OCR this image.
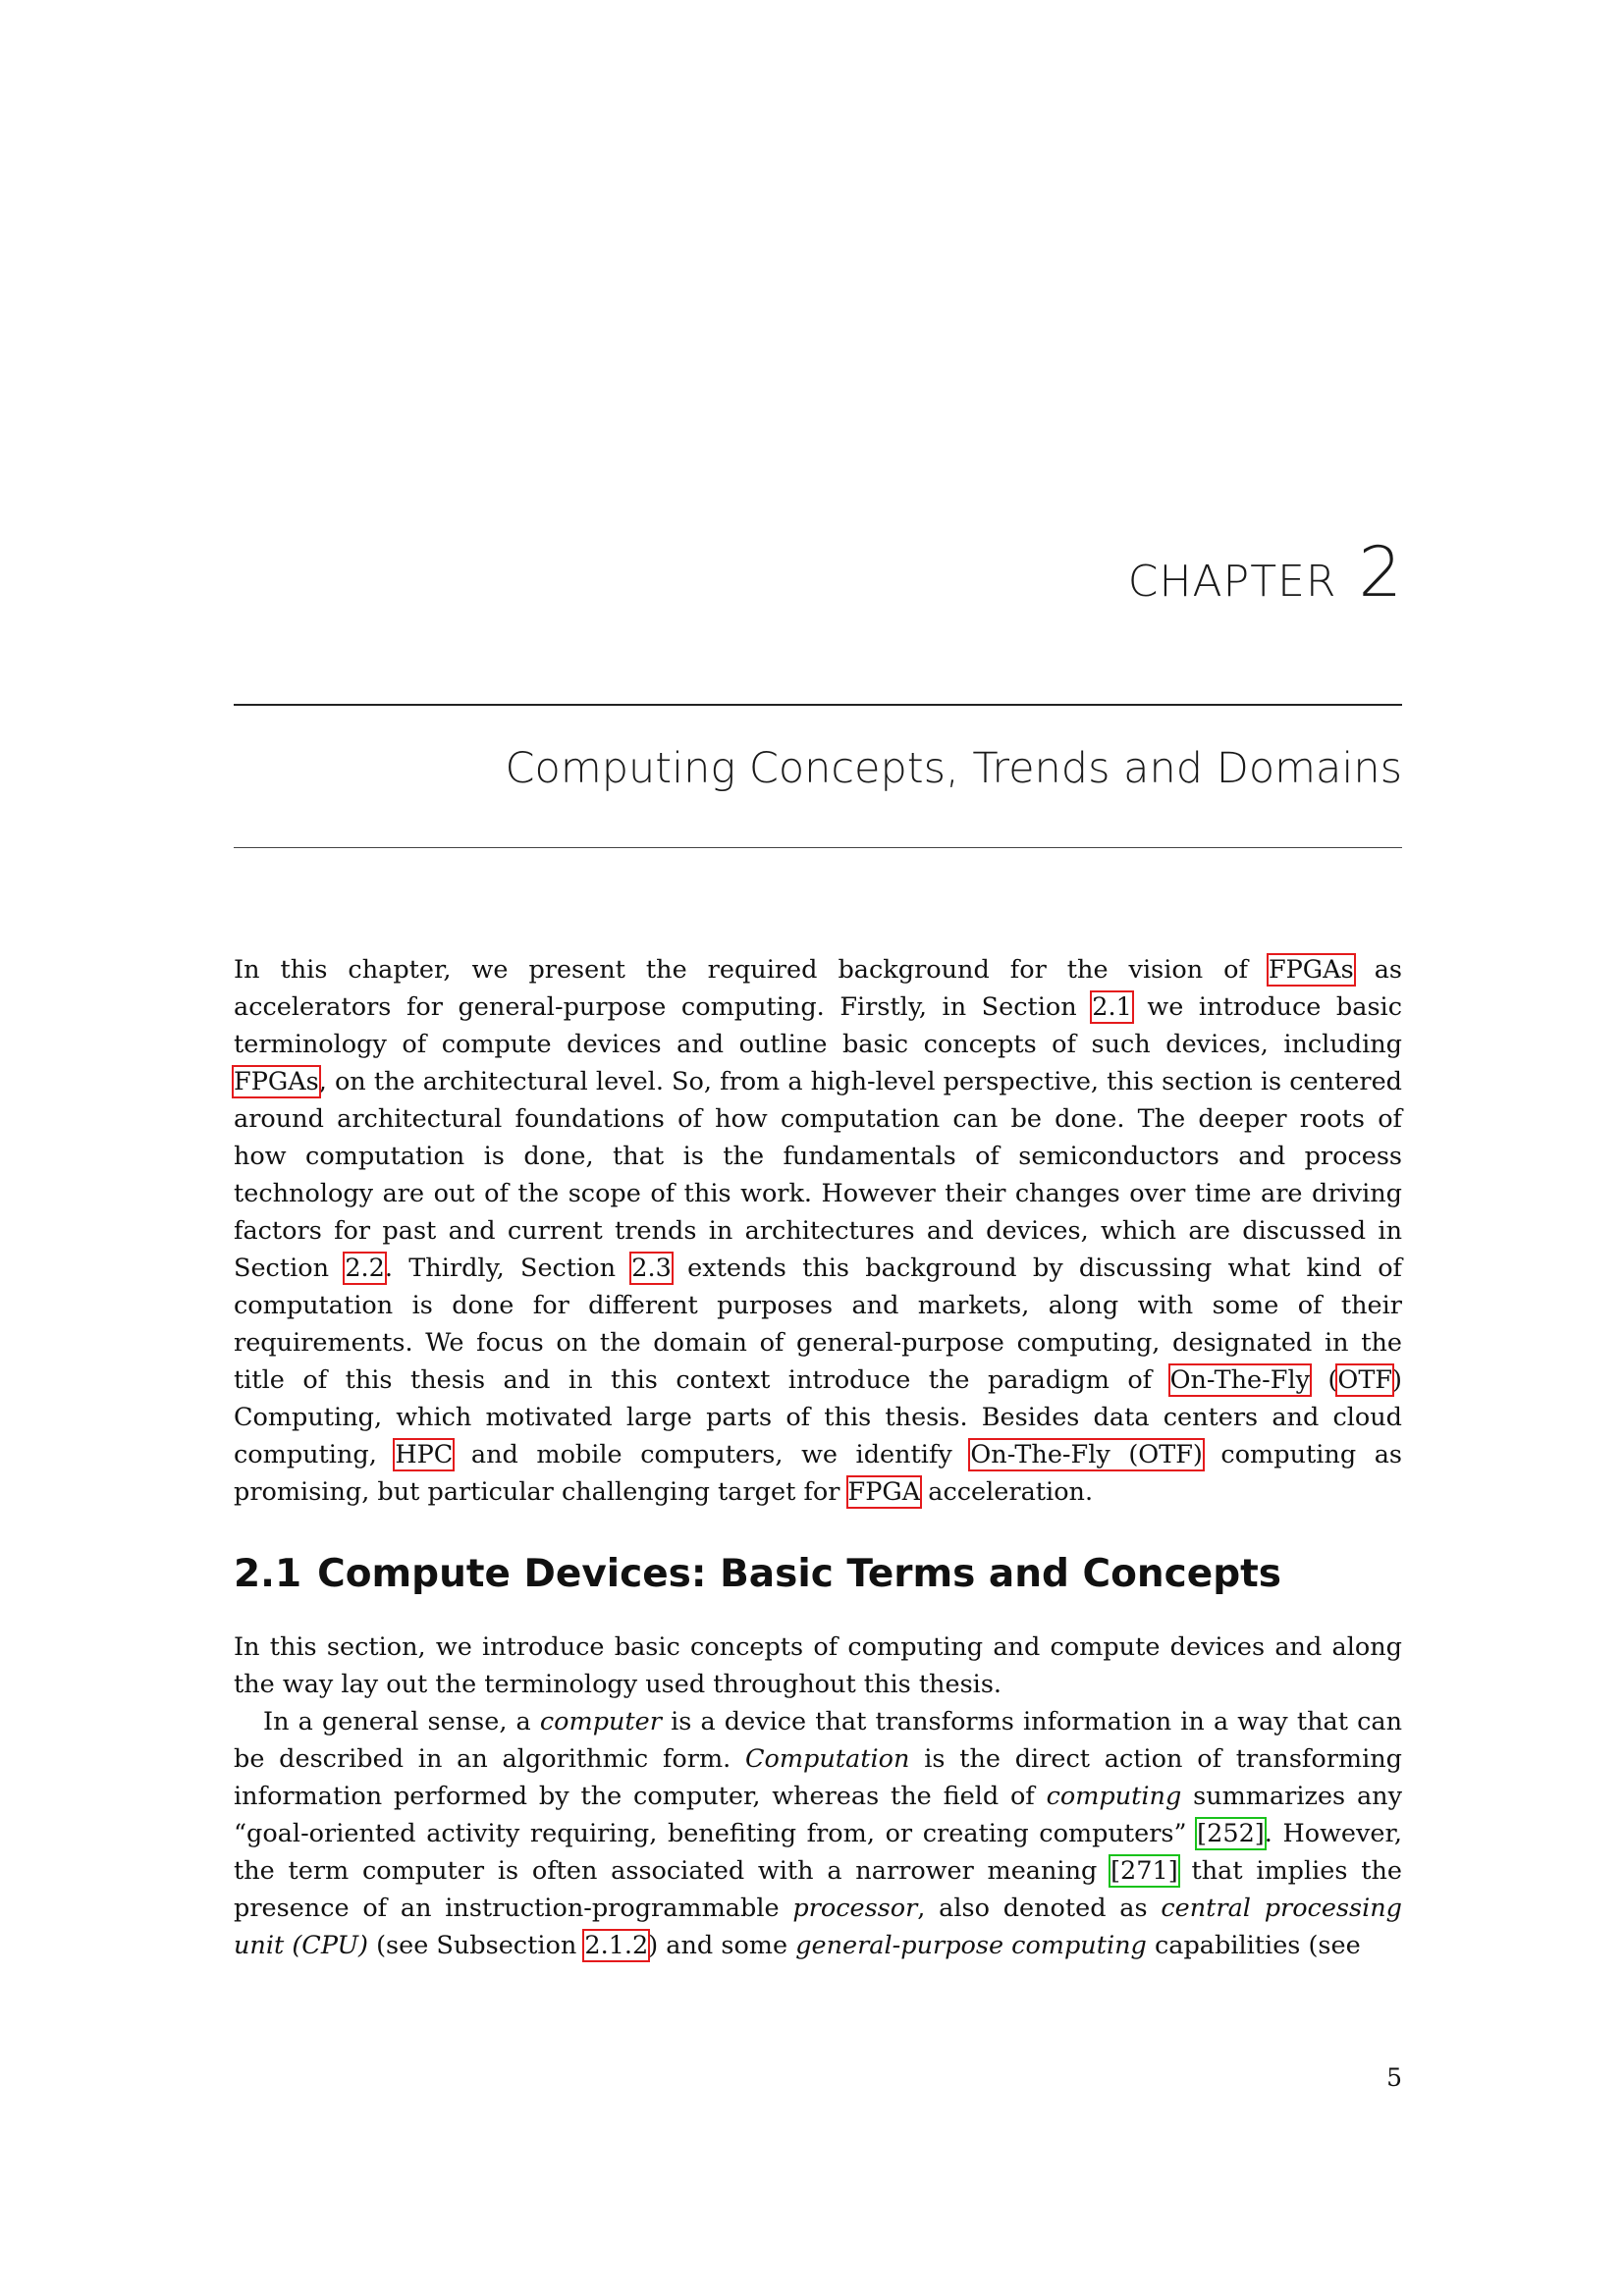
CHAPTER 2
Computing Concepts, Trends and Domains

In this chapter, we present the required background for the vision of FPGAs as accelerators for general-purpose computing. Firstly, in Section 2.1 we introduce basic terminology of compute devices and outline basic concepts of such devices, including FPGAs, on the architectural level. So, from a high-level perspective, this section is centered around architectural foundations of how computation can be done. The deeper roots of how computation is done, that is the fundamentals of semiconductors and process technology are out of the scope of this work. However their changes over time are driving factors for past and current trends in architectures and devices, which are discussed in Section 2.2. Thirdly, Section 2.3 extends this background by discussing what kind of computation is done for different purposes and markets, along with some of their requirements. We focus on the domain of general-purpose computing, designated in the title of this thesis and in this context introduce the paradigm of On-The-Fly (OTF) Computing, which motivated large parts of this thesis. Besides data centers and cloud computing, HPC and mobile computers, we identify On-The-Fly (OTF) computing as promising, but particular challenging target for FPGA acceleration.

2.1 Compute Devices: Basic Terms and Concepts

In this section, we introduce basic concepts of computing and compute devices and along the way lay out the terminology used throughout this thesis.

In a general sense, a computer is a device that transforms information in a way that can be described in an algorithmic form. Computation is the direct action of transforming information performed by the computer, whereas the field of computing summarizes any “goal-oriented activity requiring, benefiting from, or creating computers” [252]. However, the term computer is often associated with a narrower meaning [271] that implies the presence of an instruction-programmable processor, also denoted as central processing unit (CPU) (see Subsection 2.1.2) and some general-purpose computing capabilities (see

5
